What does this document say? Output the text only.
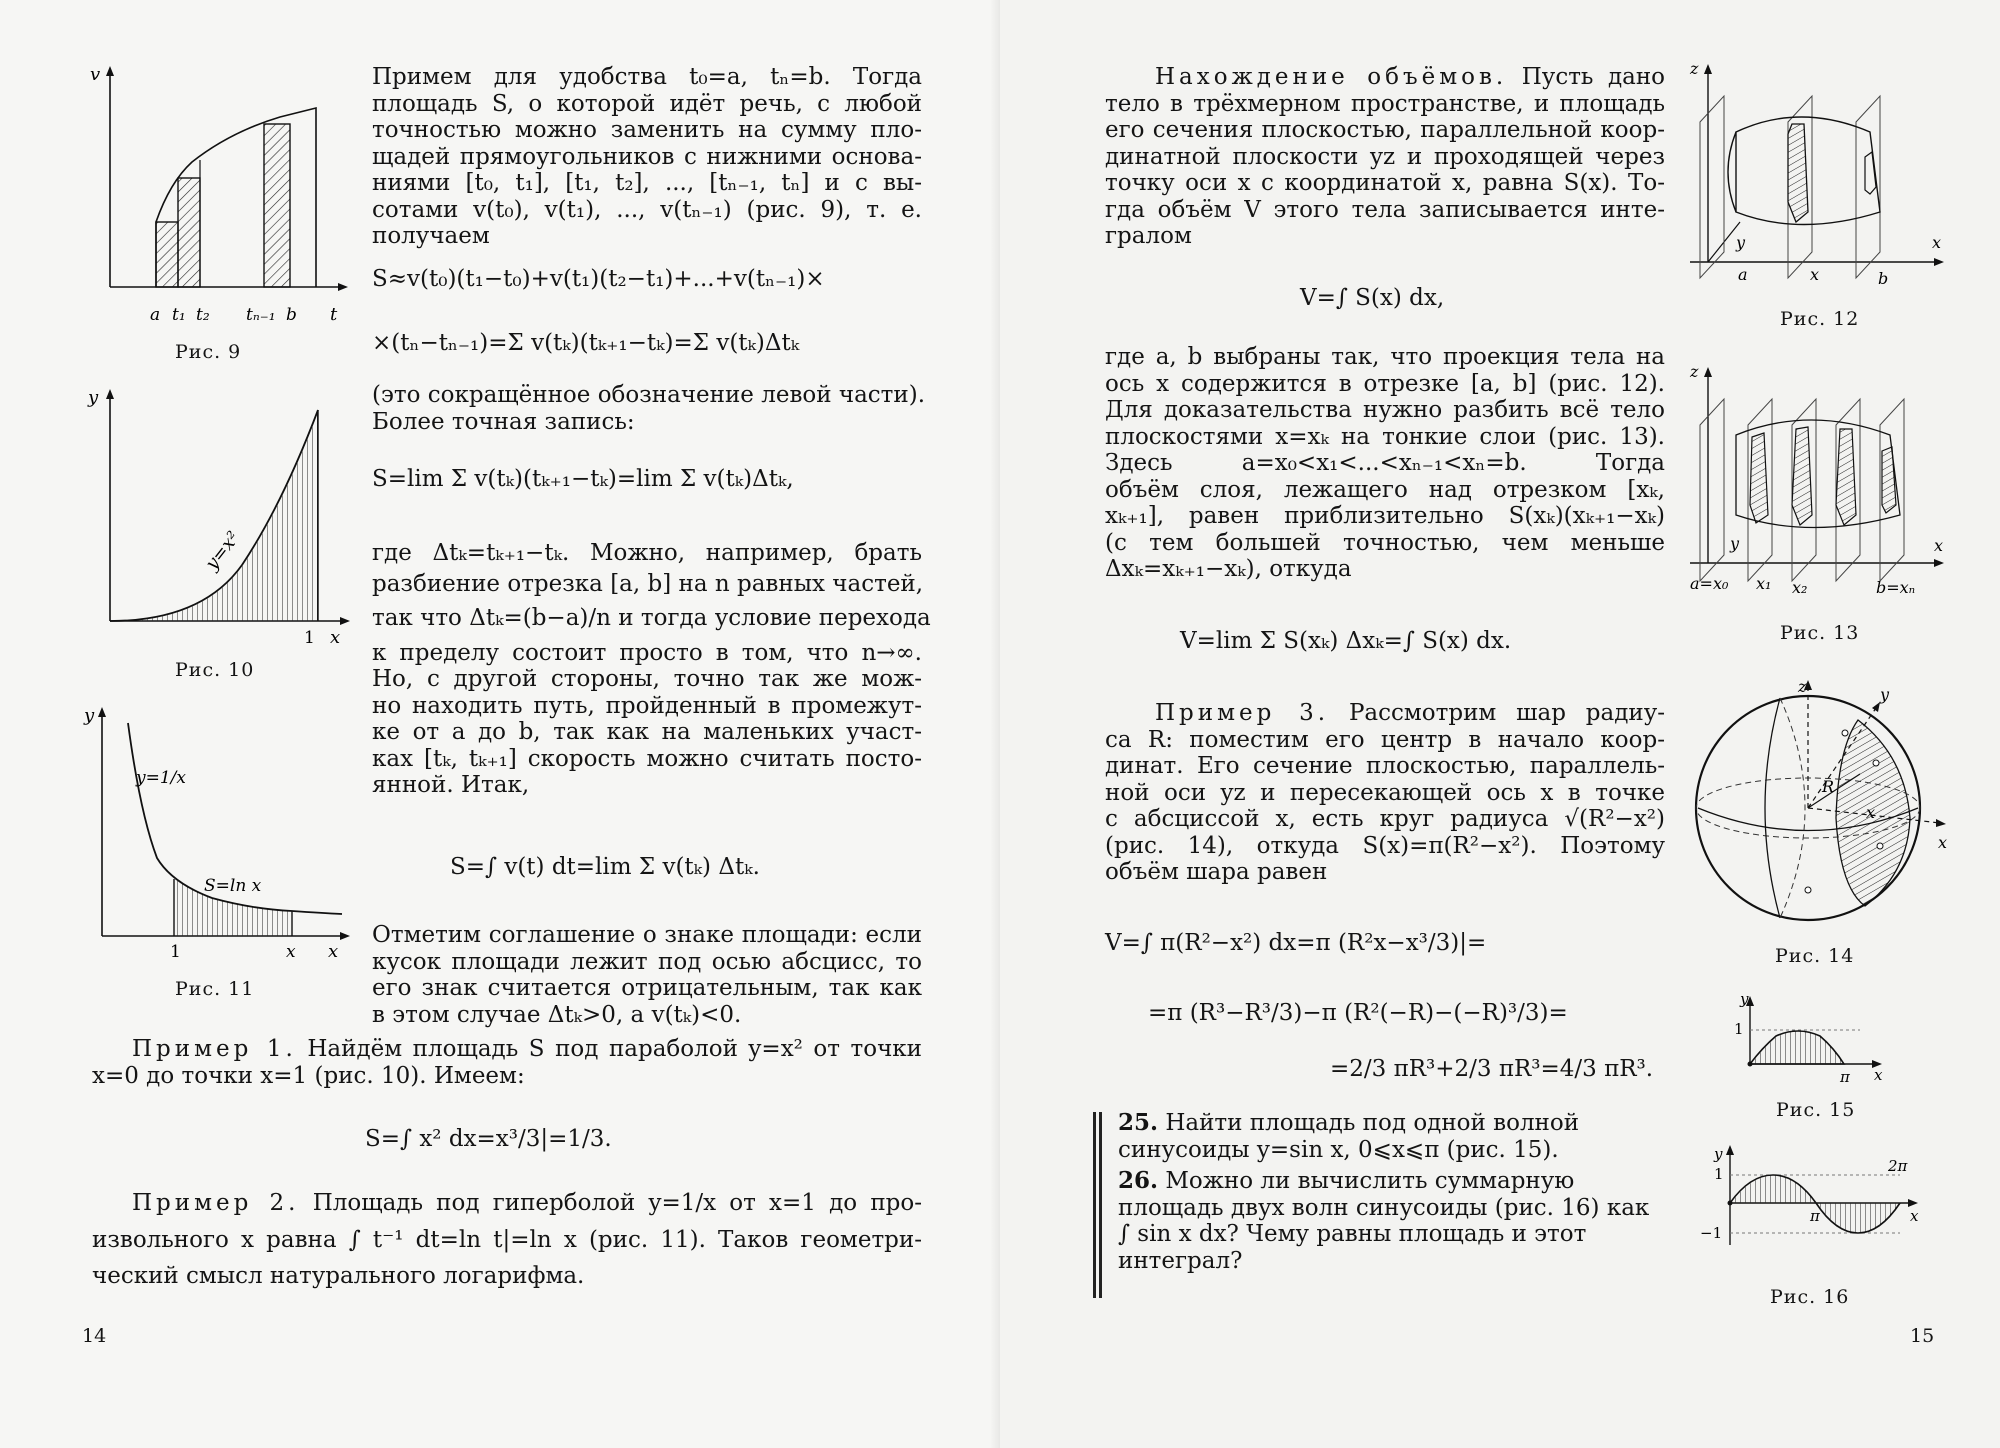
v
t
a t₁ t₂ tₙ₋₁ b
Рис. 9
y
x
1
y=x²
Рис. 10
y
x
1	x
y=1/x
S=ln x
Рис. 11
Примем для удобства t₀=a, tₙ=b. Тогда
площадь S, о которой идёт речь, с любой
точностью можно заменить на сумму пло-
щадей прямоугольников с нижними основа-
ниями [t₀, t₁], [t₁, t₂], ..., [tₙ₋₁, tₙ] и с вы-
сотами v(t₀), v(t₁), ..., v(tₙ₋₁) (рис. 9), т. е.
получаем
S≈v(t₀)(t₁−t₀)+v(t₁)(t₂−t₁)+...+v(tₙ₋₁)×
×(tₙ−tₙ₋₁)=Σ v(tₖ)(tₖ₊₁−tₖ)=Σ v(tₖ)Δtₖ
(это сокращённое обозначение левой части).
Более точная запись:
S=lim Σ v(tₖ)(tₖ₊₁−tₖ)=lim Σ v(tₖ)Δtₖ,
где Δtₖ=tₖ₊₁−tₖ. Можно, например, брать
разбиение отрезка [a, b] на n равных частей,
так что Δtₖ=(b−a)/n и тогда условие перехода
к пределу состоит просто в том, что n→∞.
Но, с другой стороны, точно так же мож-
но находить путь, пройденный в промежут-
ке от a до b, так как на маленьких участ-
ках [tₖ, tₖ₊₁] скорость можно считать посто-
янной. Итак,
S=∫ v(t) dt=lim Σ v(tₖ) Δtₖ.
Отметим соглашение о знаке площади: если
кусок площади лежит под осью абсцисс, то
его знак считается отрицательным, так как
в этом случае Δtₖ>0, а v(tₖ)<0.
Пример 1. Найдём площадь S под параболой y=x² от точки
x=0 до точки x=1 (рис. 10). Имеем:
S=∫ x² dx=x³/3|=1/3.
Пример 2. Площадь под гиперболой y=1/x от x=1 до про-
извольного x равна ∫ t⁻¹ dt=ln t|=ln x (рис. 11). Таков геометри-
ческий смысл натурального логарифма.
14
Нахождение объёмов. Пусть дано
тело в трёхмерном пространстве, и площадь
его сечения плоскостью, параллельной коор-
динатной плоскости yz и проходящей через
точку оси x с координатой x, равна S(x). То-
гда объём V этого тела записывается инте-
гралом
V=∫ S(x) dx,
где a, b выбраны так, что проекция тела на
ось x содержится в отрезке [a, b] (рис. 12).
Для доказательства нужно разбить всё тело
плоскостями x=xₖ на тонкие слои (рис. 13).
Здесь a=x₀<x₁<...<xₙ₋₁<xₙ=b. Тогда
объём слоя, лежащего над отрезком [xₖ,
xₖ₊₁], равен приблизительно S(xₖ)(xₖ₊₁−xₖ)
(с тем большей точностью, чем меньше
Δxₖ=xₖ₊₁−xₖ), откуда
V=lim Σ S(xₖ) Δxₖ=∫ S(x) dx.
Пример 3. Рассмотрим шар радиу-
са R: поместим его центр в начало коор-
динат. Его сечение плоскостью, параллель-
ной оси yz и пересекающей ось x в точке
с абсциссой x, есть круг радиуса √(R²−x²)
(рис. 14), откуда S(x)=π(R²−x²). Поэтому
объём шара равен
V=∫ π(R²−x²) dx=π (R²x−x³/3)|=
=π (R³−R³/3)−π (R²(−R)−(−R)³/3)=
=2/3 πR³+2/3 πR³=4/3 πR³.
25. Найти площадь под одной волной синусоиды y=sin x, 0⩽x⩽π (рис. 15).
26. Можно ли вычислить суммарную площадь двух волн синусоиды (рис. 16) как ∫ sin x dx? Чему равны площадь и этот интеграл?
z
y	x
a	x	b
Рис. 12
z
y	x
a=x₀ x₁ x₂	b=xₙ
Рис. 13
z	y
x
R
x
Рис. 14
y
x
1
π
Рис. 15
y
x
1
−1
π
2π
Рис. 16
15
